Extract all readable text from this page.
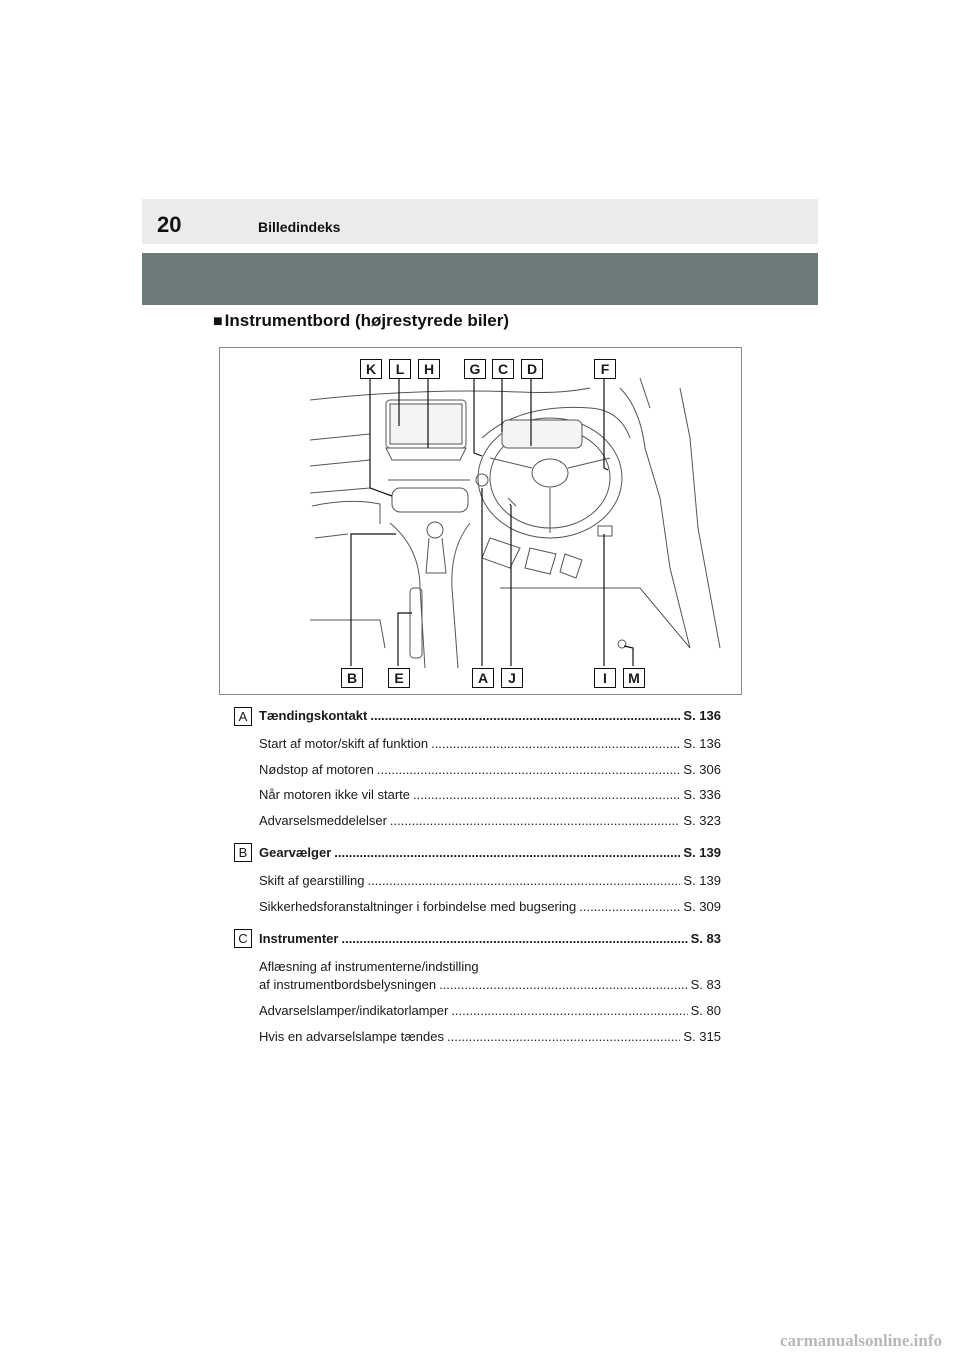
20	Billedindeks
■ Instrumentbord (højrestyrede biler)
K	L	H	G	C	D	F
B	E	A	J	I	M
A Tændingskontakt .....	S. 136
Start af motor/skift af funktion .....	S. 136
Nødstop af motoren .....	S. 306
Når motoren ikke vil starte .....	S. 336
Advarselsmeddelelser .....	S. 323
B Gearvælger .....	S. 139
Skift af gearstilling .....	S. 139
Sikkerhedsforanstaltninger i forbindelse med bugsering .....	S. 309
C Instrumenter .....	S. 83
Aflæsning af instrumenterne/indstilling
af instrumentbordsbelysningen .....	S. 83
Advarselslamper/indikatorlamper .....	S. 80
Hvis en advarselslampe tændes .....	S. 315
carmanualsonline.info
